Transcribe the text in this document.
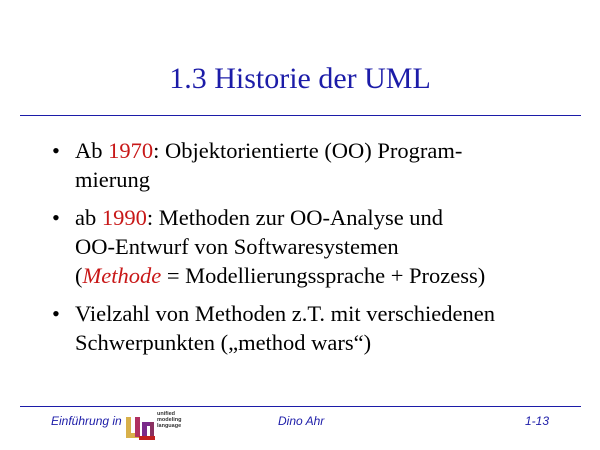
1.3 Historie der UML
• Ab 1970: Objektorientierte (OO) Program-
mierung
• ab 1990: Methoden zur OO-Analyse und
OO-Entwurf von Softwaresystemen
(Methode = Modellierungssprache + Prozess)
• Vielzahl von Methoden z.T. mit verschiedenen
Schwerpunkten („method wars“)
Einführung in	unified
modeling
language	Dino Ahr	1-13
